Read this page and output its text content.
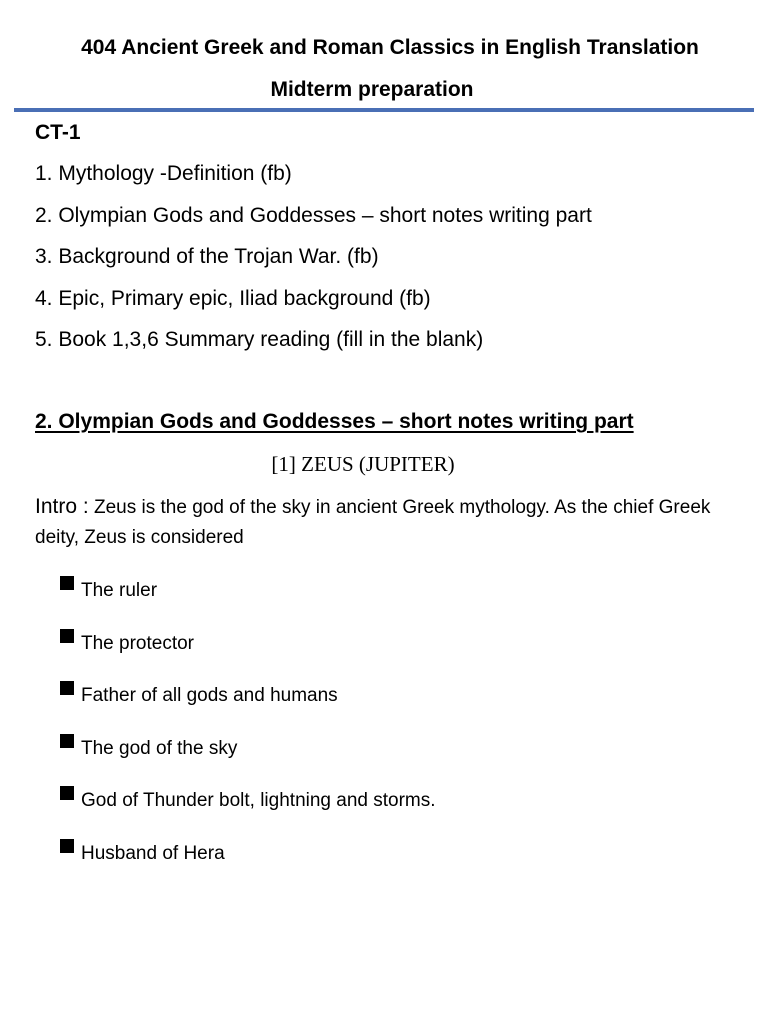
404 Ancient Greek and Roman Classics in English Translation
Midterm preparation
CT-1
1. Mythology -Definition (fb)
2. Olympian Gods and Goddesses – short notes writing part
3. Background of the Trojan War. (fb)
4. Epic, Primary epic, Iliad background (fb)
5. Book 1,3,6 Summary reading (fill in the blank)
2. Olympian Gods and Goddesses – short notes writing part
[1] ZEUS (JUPITER)
Intro : Zeus is the god of the sky in ancient Greek mythology. As the chief Greek deity, Zeus is considered
The ruler
The protector
Father of all gods and humans
The god of the sky
God of Thunder bolt, lightning and storms.
Husband of Hera
